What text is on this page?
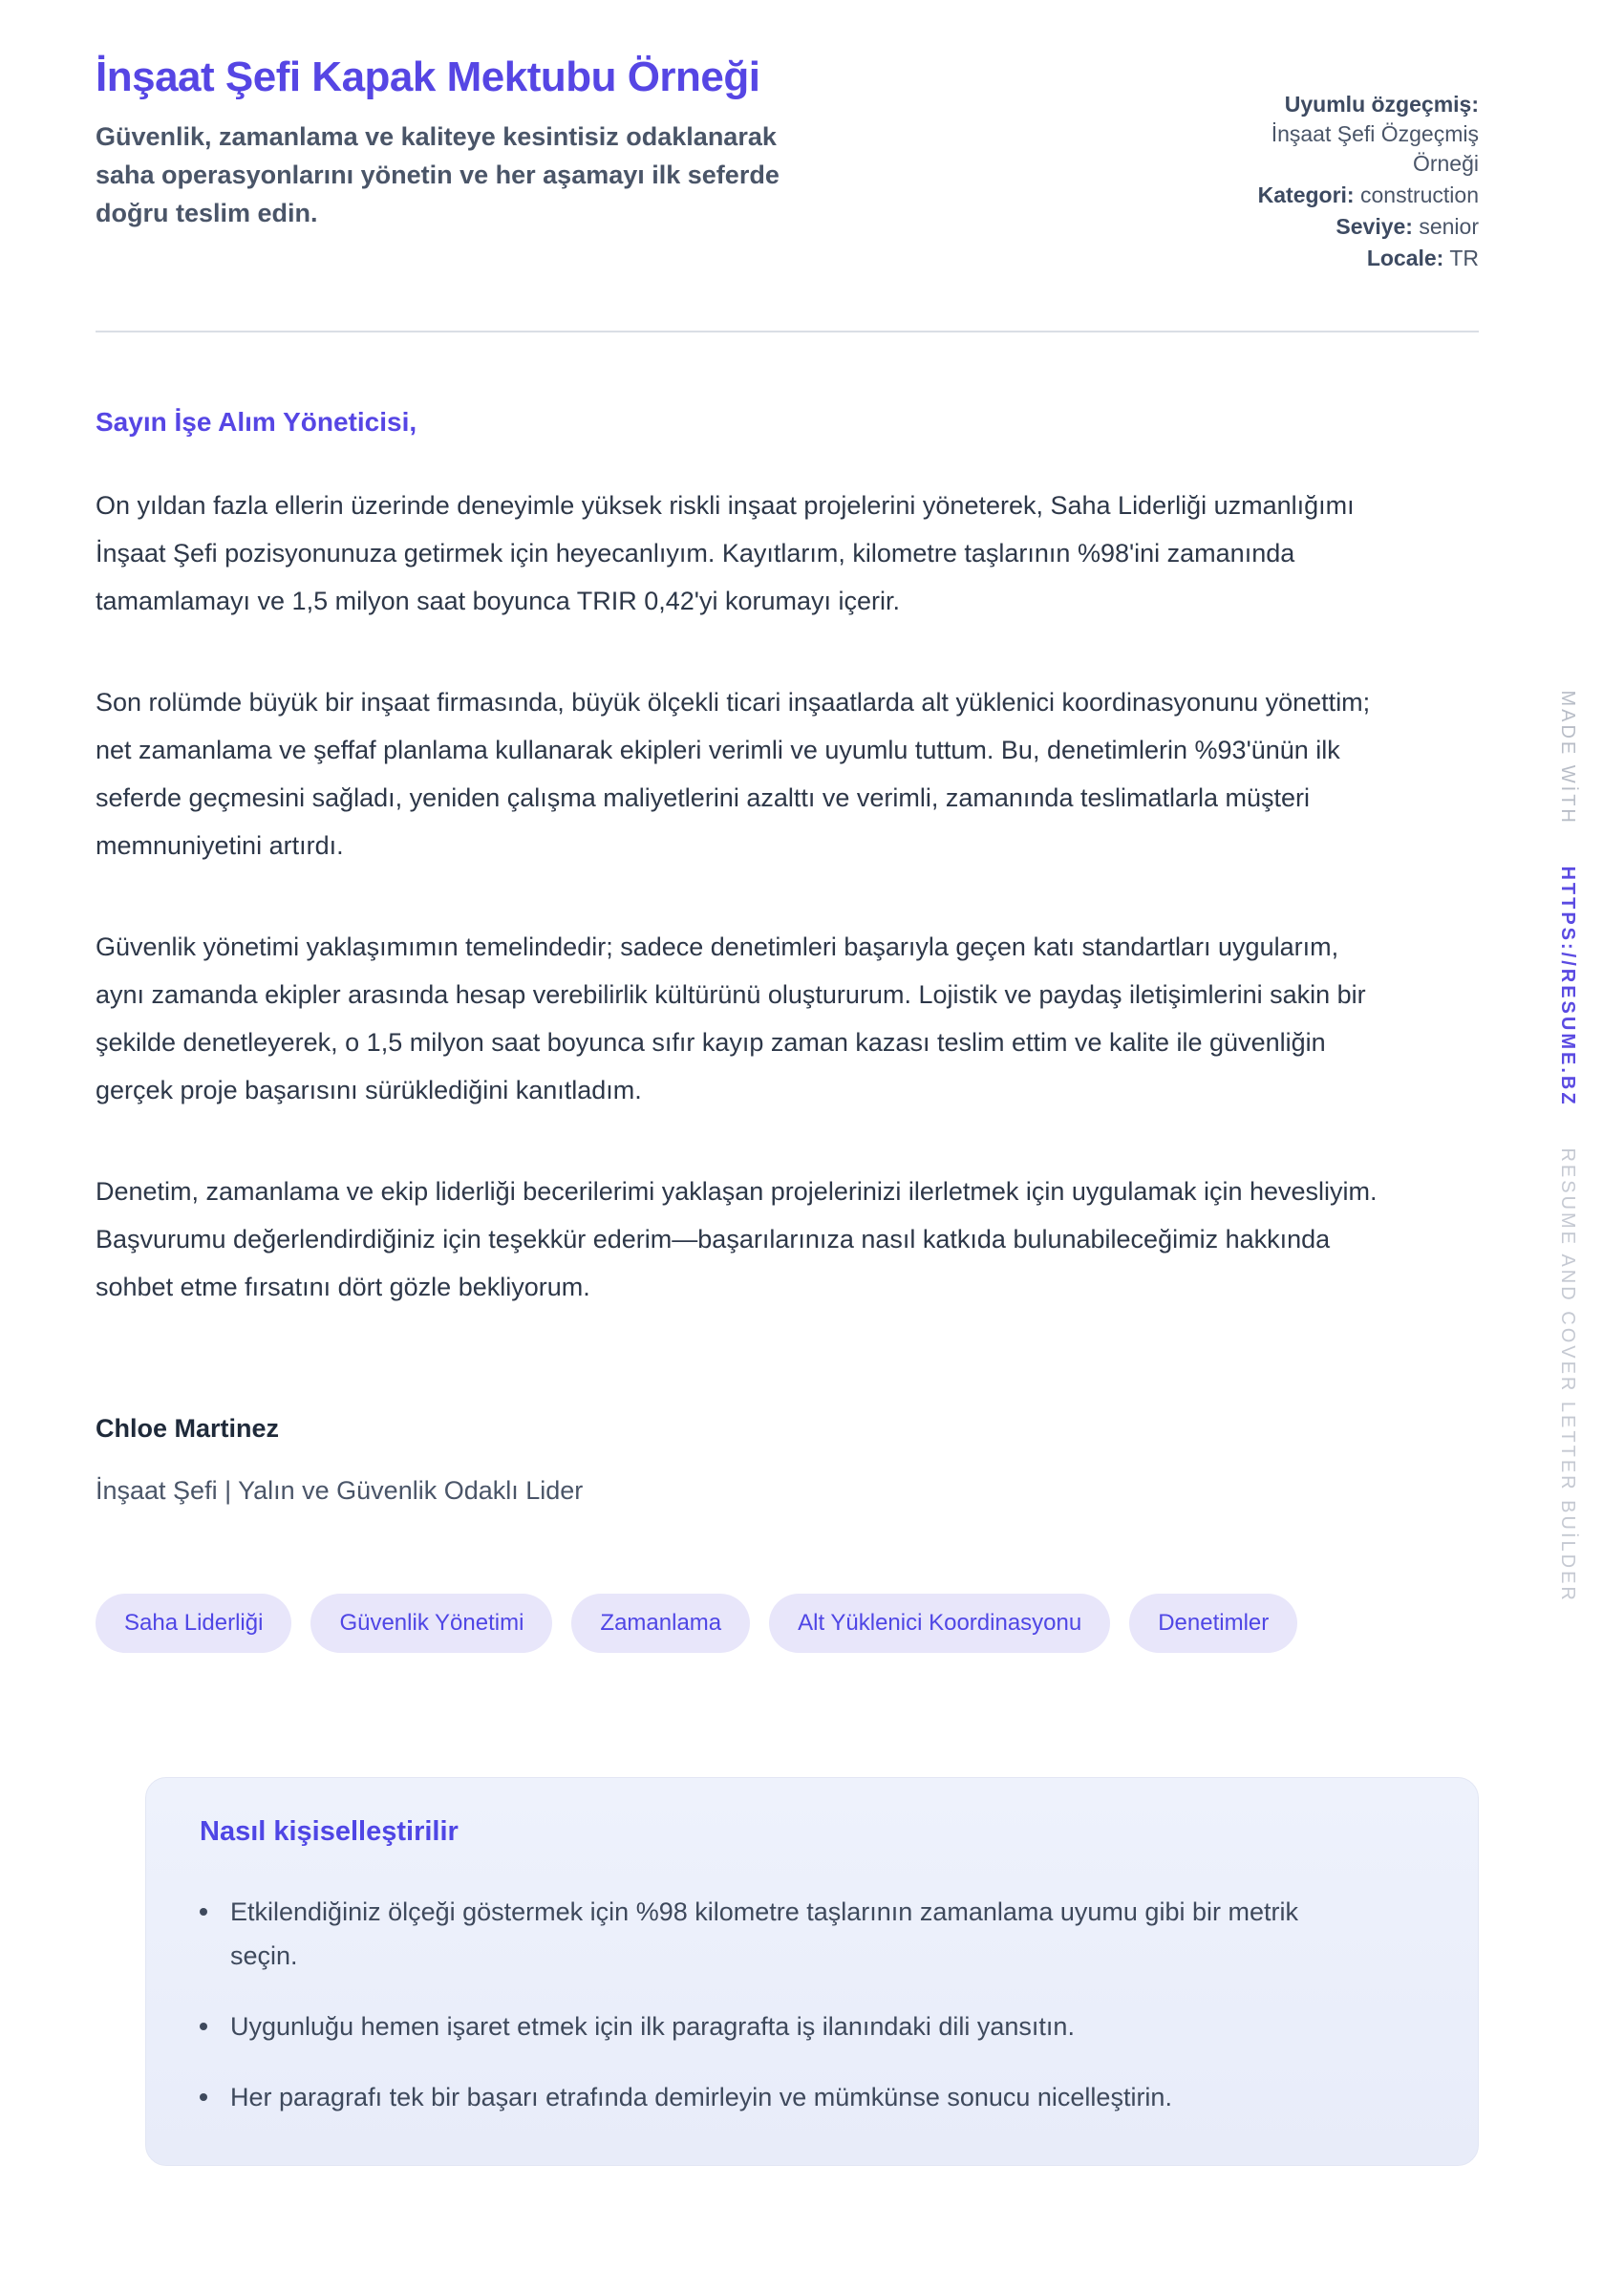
İnşaat Şefi Kapak Mektubu Örneği

Güvenlik, zamanlama ve kaliteye kesintisiz odaklanarak saha operasyonlarını yönetin ve her aşamayı ilk seferde doğru teslim edin.

Uyumlu özgeçmiş:
İnşaat Şefi Özgeçmiş Örneği
Kategori: construction
Seviye: senior
Locale: TR

Sayın İşe Alım Yöneticisi,

On yıldan fazla ellerin üzerinde deneyimle yüksek riskli inşaat projelerini yöneterek, Saha Liderliği uzmanlığımı İnşaat Şefi pozisyonunuza getirmek için heyecanlıyım. Kayıtlarım, kilometre taşlarının %98'ini zamanında tamamlamayı ve 1,5 milyon saat boyunca TRIR 0,42'yi korumayı içerir.

Son rolümde büyük bir inşaat firmasında, büyük ölçekli ticari inşaatlarda alt yüklenici koordinasyonunu yönettim; net zamanlama ve şeffaf planlama kullanarak ekipleri verimli ve uyumlu tuttum. Bu, denetimlerin %93'ünün ilk seferde geçmesini sağladı, yeniden çalışma maliyetlerini azalttı ve verimli, zamanında teslimatlarla müşteri memnuniyetini artırdı.

Güvenlik yönetimi yaklaşımımın temelindedir; sadece denetimleri başarıyla geçen katı standartları uygularım, aynı zamanda ekipler arasında hesap verebilirlik kültürünü oluştururum. Lojistik ve paydaş iletişimlerini sakin bir şekilde denetleyerek, o 1,5 milyon saat boyunca sıfır kayıp zaman kazası teslim ettim ve kalite ile güvenliğin gerçek proje başarısını sürüklediğini kanıtladım.

Denetim, zamanlama ve ekip liderliği becerilerimi yaklaşan projelerinizi ilerletmek için uygulamak için hevesliyim. Başvurumu değerlendirdiğiniz için teşekkür ederim—başarılarınıza nasıl katkıda bulunabileceğimiz hakkında sohbet etme fırsatını dört gözle bekliyorum.

Chloe Martinez

İnşaat Şefi | Yalın ve Güvenlik Odaklı Lider

Saha Liderliği	Güvenlik Yönetimi	Zamanlama	Alt Yüklenici Koordinasyonu	Denetimler
Nasıl kişiselleştirilir
Etkilendiğiniz ölçeği göstermek için %98 kilometre taşlarının zamanlama uyumu gibi bir metrik seçin.
Uygunluğu hemen işaret etmek için ilk paragrafta iş ilanındaki dili yansıtın.
Her paragrafı tek bir başarı etrafında demirleyin ve mümkünse sonucu nicelleştirin.
MADE WİTH HTTPS://RESUME.BZ RESUME AND COVER LETTER BUİLDER
